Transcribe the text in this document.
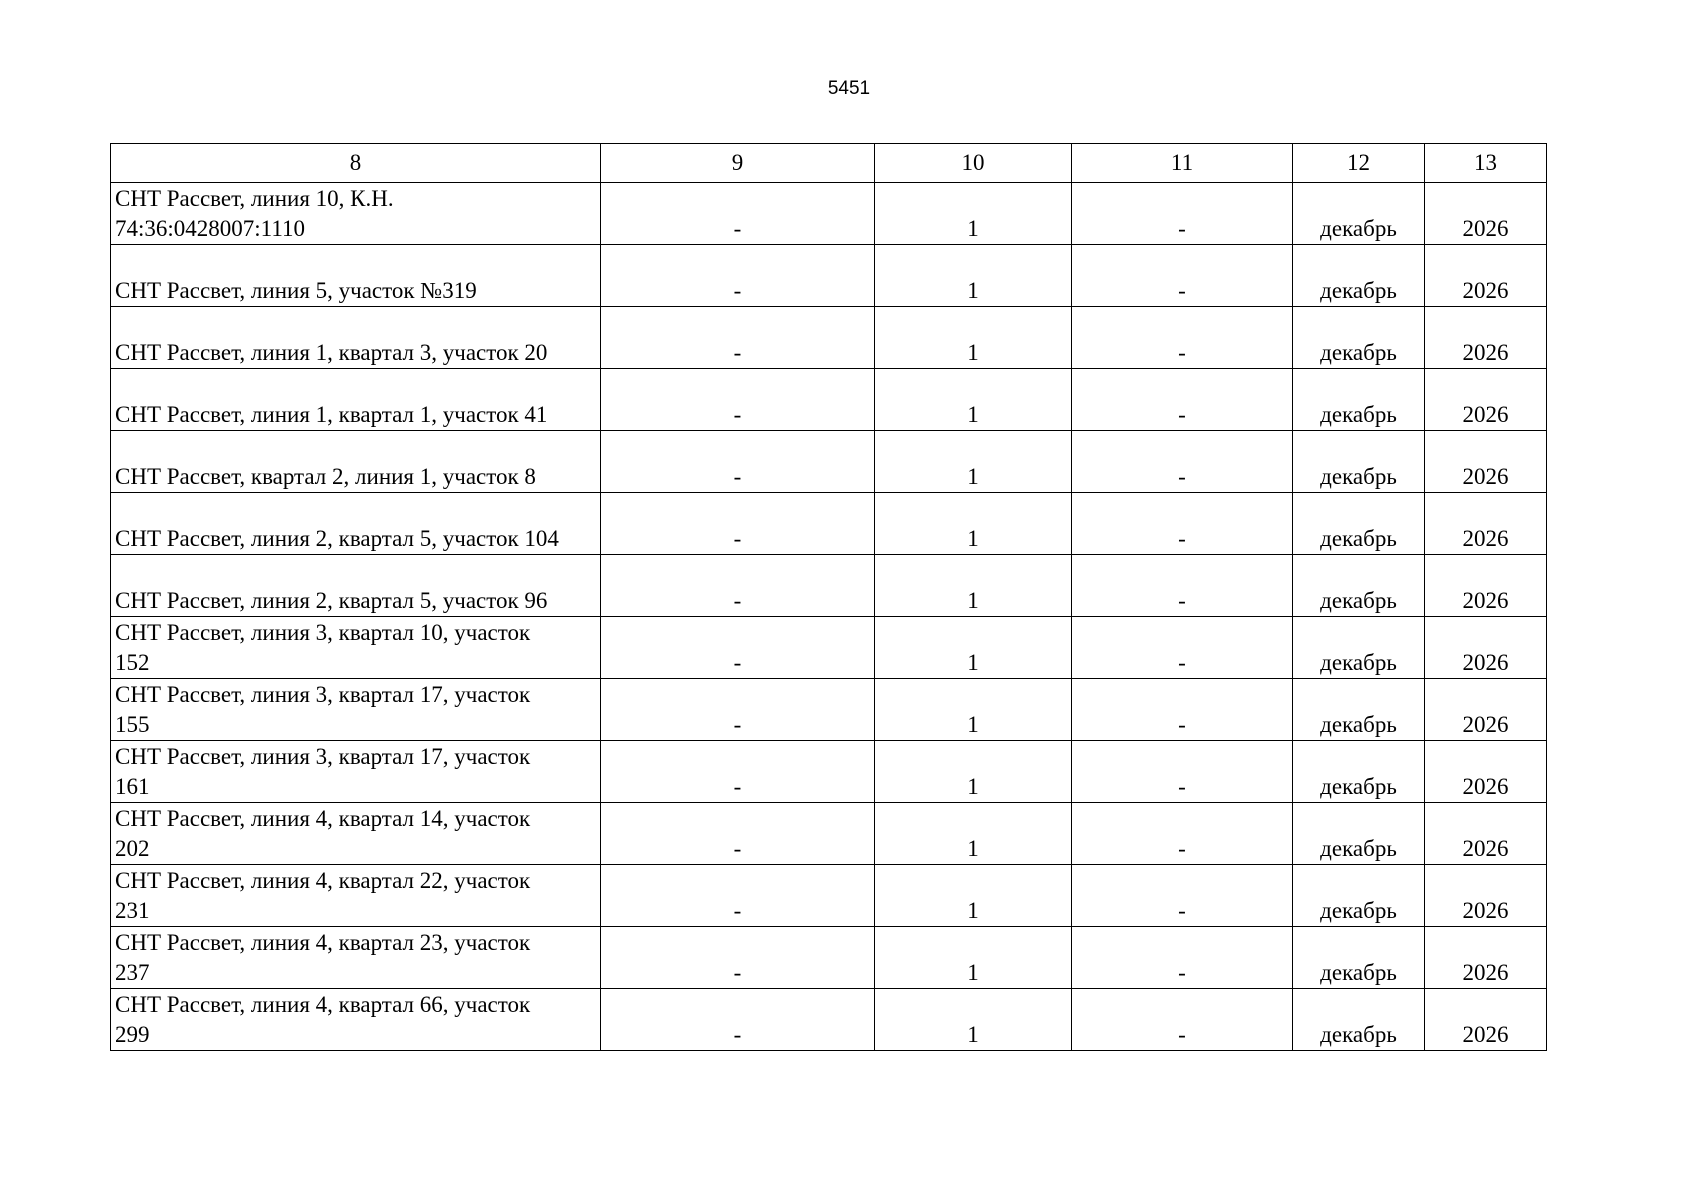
5451
8	9	10	11	12	13
СНТ Рассвет, линия 10, К.Н.
74:36:0428007:1110	-	1	-	декабрь	2026
СНТ Рассвет, линия 5, участок №319	-	1	-	декабрь	2026
СНТ Рассвет, линия 1, квартал 3, участок 20	-	1	-	декабрь	2026
СНТ Рассвет, линия 1, квартал 1, участок 41	-	1	-	декабрь	2026
СНТ Рассвет, квартал 2, линия 1, участок 8	-	1	-	декабрь	2026
СНТ Рассвет, линия 2, квартал 5, участок 104	-	1	-	декабрь	2026
СНТ Рассвет, линия 2, квартал 5, участок 96	-	1	-	декабрь	2026
СНТ Рассвет, линия 3, квартал 10, участок
152	-	1	-	декабрь	2026
СНТ Рассвет, линия 3, квартал 17, участок
155	-	1	-	декабрь	2026
СНТ Рассвет, линия 3, квартал 17, участок
161	-	1	-	декабрь	2026
СНТ Рассвет, линия 4, квартал 14, участок
202	-	1	-	декабрь	2026
СНТ Рассвет, линия 4, квартал 22, участок
231	-	1	-	декабрь	2026
СНТ Рассвет, линия 4, квартал 23, участок
237	-	1	-	декабрь	2026
СНТ Рассвет, линия 4, квартал 66, участок
299	-	1	-	декабрь	2026
